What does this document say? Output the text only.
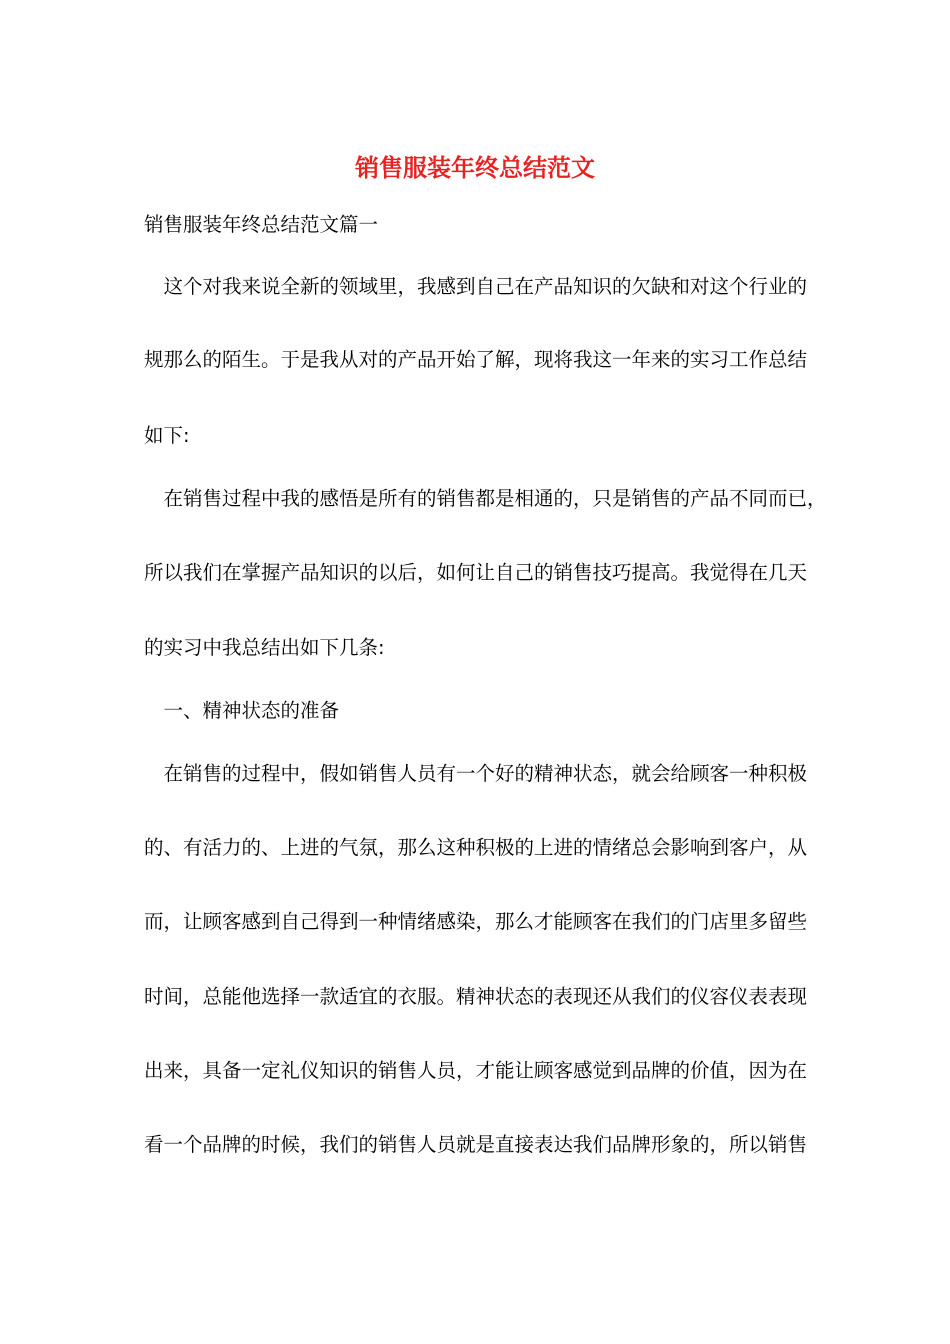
销售服装年终总结范文
销售服装年终总结范文篇一
　这个对我来说全新的领域里，我感到自己在产品知识的欠缺和对这个行业的
规那么的陌生。于是我从对的产品开始了解，现将我这一年来的实习工作总结
如下:
　在销售过程中我的感悟是所有的销售都是相通的，只是销售的产品不同而已，
所以我们在掌握产品知识的以后，如何让自己的销售技巧提高。我觉得在几天
的实习中我总结出如下几条:
　一、精神状态的准备
　在销售的过程中，假如销售人员有一个好的精神状态，就会给顾客一种积极
的、有活力的、上进的气氛，那么这种积极的上进的情绪总会影响到客户，从
而，让顾客感到自己得到一种情绪感染，那么才能顾客在我们的门店里多留些
时间，总能他选择一款适宜的衣服。精神状态的表现还从我们的仪容仪表表现
出来，具备一定礼仪知识的销售人员，才能让顾客感觉到品牌的价值，因为在
看一个品牌的时候，我们的销售人员就是直接表达我们品牌形象的，所以销售
